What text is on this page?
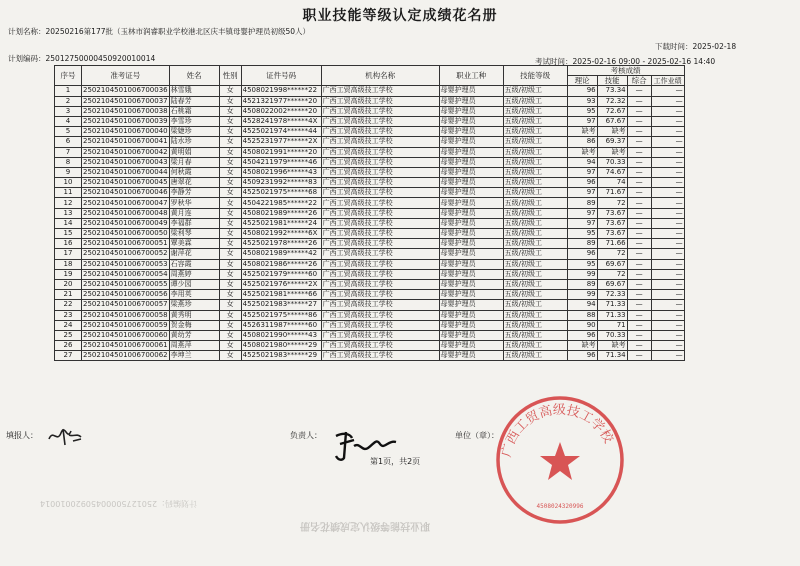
职业技能等级认定成绩花名册
计划名称：20250216第177批（玉林市润睿职业学校港北区庆丰镇母婴护理员初级50人）
下载时间：2025-02-18
计划编码：25012750000450920010014	考试时间：2025-02-16 09:00 - 2025-02-16 14:40
序号	准考证号	姓名	性别	证件号码	机构名称	职业工种	技能等级	考核成绩			
								理论	技能	综合	工作业绩
1	250210450100670003​6	林雪娥	女	4508021998******22	广西工贸高级技工学校	母婴护理员	五级/初级工	96	73.34	—	—
2	2502104501006700037	陆春芳	女	4521321977******20	广西工贸高级技工学校	母婴护理员	五级/初级工	93	72.32	—	—
3	2502104501006700038	石桃霜	女	4508022002******20	广西工贸高级技工学校	母婴护理员	五级/初级工	95	72.67	—	—
4	2502104501006700039	李雪珍	女	4528241978******4X	广西工贸高级技工学校	母婴护理员	五级/初级工	97	67.67	—	—
5	2502104501006700040	梁婕珍	女	4525021974******44	广西工贸高级技工学校	母婴护理员	五级/初级工	缺考	缺考	—	—
6	2502104501006700041	陆水珍	女	4525231977******2X	广西工贸高级技工学校	母婴护理员	五级/初级工	86	69.37	—	—
7	2502104501006700042	黄明娟	女	4508021991******20	广西工贸高级技工学校	母婴护理员	五级/初级工	缺考	缺考	—	—
8	2502104501006700043	梁月春	女	4504211979******46	广西工贸高级技工学校	母婴护理员	五级/初级工	94	70.33	—	—
9	2502104501006700044	何秋霞	女	4508021996******43	广西工贸高级技工学校	母婴护理员	五级/初级工	97	74.67	—	—
10	2502104501006700045	唐翠花	女	4509231992******83	广西工贸高级技工学校	母婴护理员	五级/初级工	96	74	—	—
11	2502104501006700046	李静芳	女	4525021975******68	广西工贸高级技工学校	母婴护理员	五级/初级工	97	71.67	—	—
12	2502104501006700047	罗秋华	女	4504221985******22	广西工贸高级技工学校	母婴护理员	五级/初级工	89	72	—	—
13	2502104501006700048	黄月连	女	4508021989******26	广西工贸高级技工学校	母婴护理员	五级/初级工	97	73.67	—	—
14	2502104501006700049	李福群	女	4525021981******24	广西工贸高级技工学校	母婴护理员	五级/初级工	97	73.67	—	—
15	2502104501006700050	梁利琴	女	4508021992******6X	广西工贸高级技工学校	母婴护理员	五级/初级工	95	73.67	—	—
16	2502104501006700051	覃美霖	女	4525021978******26	广西工贸高级技工学校	母婴护理员	五级/初级工	89	71.66	—	—
17	2502104501006700052	谢萍花	女	4508021989******42	广西工贸高级技工学校	母婴护理员	五级/初级工	96	72	—	—
18	2502104501006700053	石容霞	女	4508021986******26	广西工贸高级技工学校	母婴护理员	五级/初级工	95	69.67	—	—
19	2502104501006700054	周燕婷	女	4525021979******60	广西工贸高级技工学校	母婴护理员	五级/初级工	99	72	—	—
20	2502104501006700055	谭少园	女	4525021976******2X	广西工贸高级技工学校	母婴护理员	五级/初级工	89	69.67	—	—
21	2502104501006700056	李用英	女	4525021981******66	广西工贸高级技工学校	母婴护理员	五级/初级工	99	72.33	—	—
22	2502104501006700057	梁燕珍	女	4525021983******27	广西工贸高级技工学校	母婴护理员	五级/初级工	94	71.33	—	—
23	2502104501006700058	黄秀明	女	4525021975******86	广西工贸高级技工学校	母婴护理员	五级/初级工	88	71.33	—	—
24	2502104501006700059	贺金梅	女	4526311987******60	广西工贸高级技工学校	母婴护理员	五级/初级工	90	71	—	—
25	2502104501006700060	黄幼芳	女	4508021990******43	广西工贸高级技工学校	母婴护理员	五级/初级工	96	70.33	—	—
26	2502104501006700061	周燕萍	女	4508021980******29	广西工贸高级技工学校	母婴护理员	五级/初级工	缺考	缺考	—	—
27	2502104501006700062	李坤兰	女	4525021983******29	广西工贸高级技工学校	母婴护理员	五级/初级工	96	71.34	—	—
填报人：	负责人：	单位（章）：
第1页，共2页
广西工贸高级技工学校
4508024320996
职业技能等级认定成绩花名册
计划编码：25012750000450920010014
